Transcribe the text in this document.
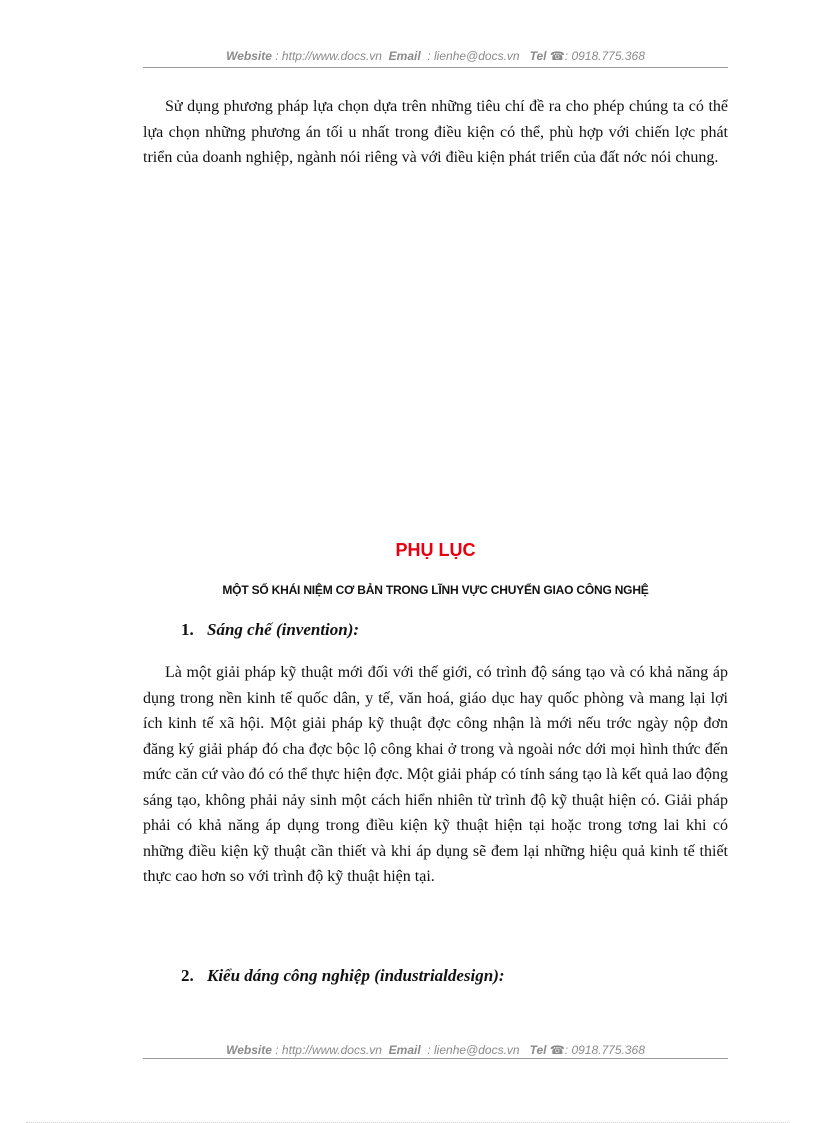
Website : http://www.docs.vn Email : lienhe@docs.vn Tel ☎: 0918.775.368

Sử dụng phương pháp lựa chọn dựa trên những tiêu chí đề ra cho phép chúng ta có thể lựa chọn những phương án tối u nhất trong điều kiện có thể, phù hợp với chiến lợc phát triển của doanh nghiệp, ngành nói riêng và với điều kiện phát triển của đất nớc nói chung.

PHỤ LỤC
MỘT SỐ KHÁI NIỆM CƠ BẢN TRONG LĨNH VỰC CHUYỂN GIAO CÔNG NGHỆ
1. Sáng chế (invention):

Là một giải pháp kỹ thuật mới đối với thế giới, có trình độ sáng tạo và có khả năng áp dụng trong nền kinh tế quốc dân, y tế, văn hoá, giáo dục hay quốc phòng và mang lại lợi ích kinh tế xã hội. Một giải pháp kỹ thuật đợc công nhận là mới nếu trớc ngày nộp đơn đăng ký giải pháp đó cha đợc bộc lộ công khai ở trong và ngoài nớc dới mọi hình thức đến mức căn cứ vào đó có thể thực hiện đợc. Một giải pháp có tính sáng tạo là kết quả lao động sáng tạo, không phải nảy sinh một cách hiển nhiên từ trình độ kỹ thuật hiện có. Giải pháp phải có khả năng áp dụng trong điều kiện kỹ thuật hiện tại hoặc trong tơng lai khi có những điều kiện kỹ thuật cần thiết và khi áp dụng sẽ đem lại những hiệu quả kinh tế thiết thực cao hơn so với trình độ kỹ thuật hiện tại.

2. Kiểu dáng công nghiệp (industrialdesign):
Website : http://www.docs.vn Email : lienhe@docs.vn Tel ☎: 0918.775.368
